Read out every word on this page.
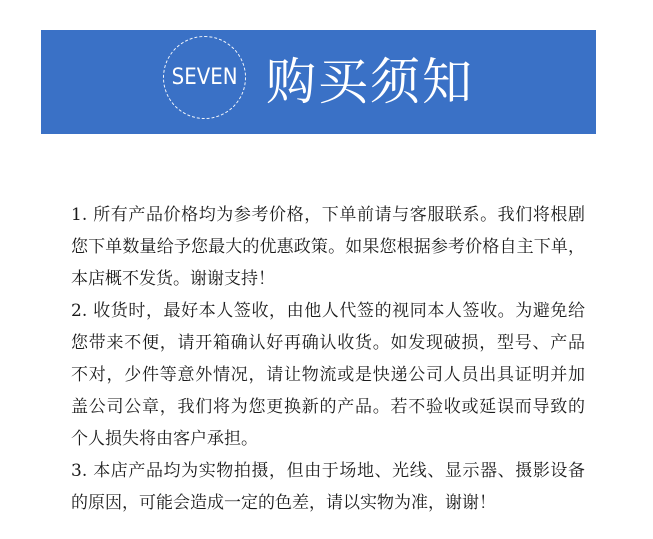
SEVEN 购买须知
1. 所有产品价格均为参考价格，下单前请与客服联系。我们将根剧
您下单数量给予您最大的优惠政策。如果您根据参考价格自主下单，
本店概不发货。谢谢支持！
2. 收货时，最好本人签收，由他人代签的视同本人签收。为避免给
您带来不便，请开箱确认好再确认收货。如发现破损，型号、产品
不对，少件等意外情况，请让物流或是快递公司人员出具证明并加
盖公司公章，我们将为您更换新的产品。若不验收或延误而导致的
个人损失将由客户承担。
3. 本店产品均为实物拍摄，但由于场地、光线、显示器、摄影设备
的原因，可能会造成一定的色差，请以实物为准，谢谢！
